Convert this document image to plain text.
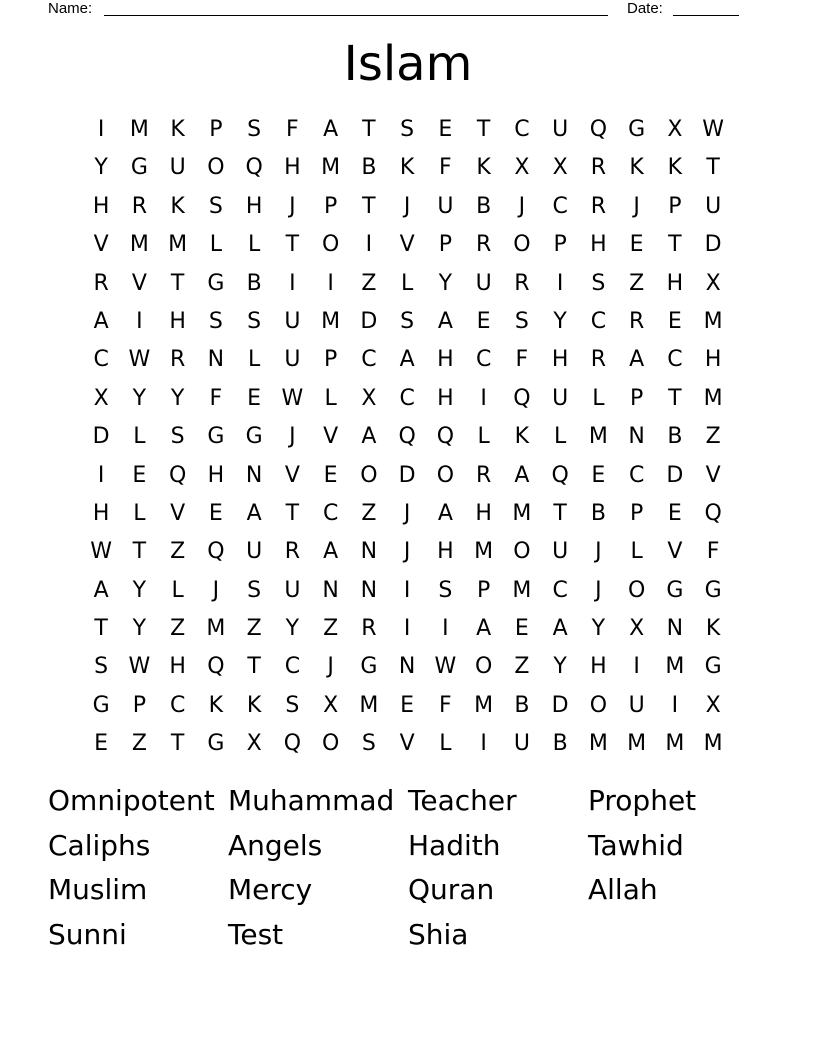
Name:	Date:
Islam
I	M K	P	S	F	A	T	S	E	T	C	U Q G	X W
Y	G U O Q H M B	K	F	K	X	X	R	K	K	T
H	R	K	S	H	J	P	T	J	U	B	J	C	R	J	P	U
V M M	L	L	T	O	I	V	P	R O	P	H	E	T	D
R	V	T	G	B	I	I	Z	L	Y	U	R	I	S	Z	H	X
A	I	H	S	S	U M D	S	A	E	S	Y	C	R	E M
C W R	N	L	U	P	C	A	H	C	F	H	R	A	C	H
X	Y	Y	F	E W L	X	C	H	I	Q U	L	P	T	M
D	L	S	G G	J	V	A	Q Q	L	K	L	M N	B	Z
I	E	Q H N	V	E	O D O R	A	Q	E	C	D	V
H	L	V	E	A	T	C	Z	J	A	H M	T	B	P	E	Q
W T	Z	Q U	R	A	N	J	H M O U	J	L	V	F
A	Y	L	J	S	U N N	I	S	P	M C	J	O G G
T	Y	Z M Z	Y	Z	R	I	I	A	E	A	Y	X	N	K
S W H Q	T	C	J	G N W O	Z	Y	H	I	M G
G	P	C	K	K	S	X M E	F	M B	D O U	I	X
E	Z	T	G	X	Q O	S	V	L	I	U	B M M M M
Omnipotent Muhammad Teacher	Prophet
Caliphs	Angels	Hadith	Tawhid
Muslim	Mercy	Quran	Allah
Sunni	Test	Shia
